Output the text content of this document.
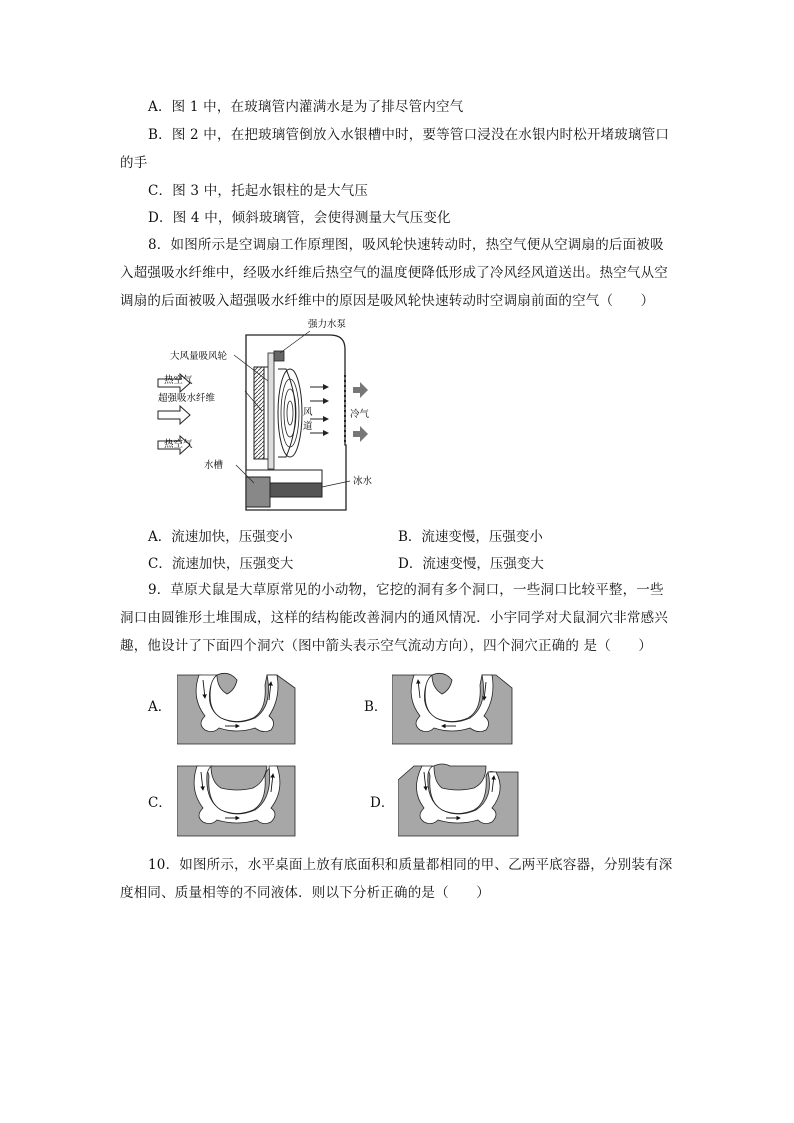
A．图 1 中，在玻璃管内灌满水是为了排尽管内空气
B．图 2 中，在把玻璃管倒放入水银槽中时，要等管口浸没在水银内时松开堵玻璃管口
的手
C．图 3 中，托起水银柱的是大气压
D．图 4 中，倾斜玻璃管，会使得测量大气压变化
8．如图所示是空调扇工作原理图，吸风轮快速转动时，热空气便从空调扇的后面被吸
入超强吸水纤维中，经吸水纤维后热空气的温度便降低形成了冷风经风道送出。热空气从空
调扇的后面被吸入超强吸水纤维中的原因是吸风轮快速转动时空调扇前面的空气（　　）
强力水泵
大风量吸风轮
热空气
超强吸水纤维
热空气
风
道
冷气
水槽
冰水
A．流速加快，压强变小	B．流速变慢，压强变小
C．流速加快，压强变大	D．流速变慢，压强变大
9．草原犬鼠是大草原常见的小动物，它挖的洞有多个洞口，一些洞口比较平整，一些
洞口由圆锥形土堆围成，这样的结构能改善洞内的通风情况．小宇同学对犬鼠洞穴非常感兴
趣，他设计了下面四个洞穴（图中箭头表示空气流动方向），四个洞穴正确的 是（　　）
A．	B．
C．	D．
10．如图所示，水平桌面上放有底面积和质量都相同的甲、乙两平底容器，分别装有深
度相同、质量相等的不同液体．则以下分析正确的是（　　）
